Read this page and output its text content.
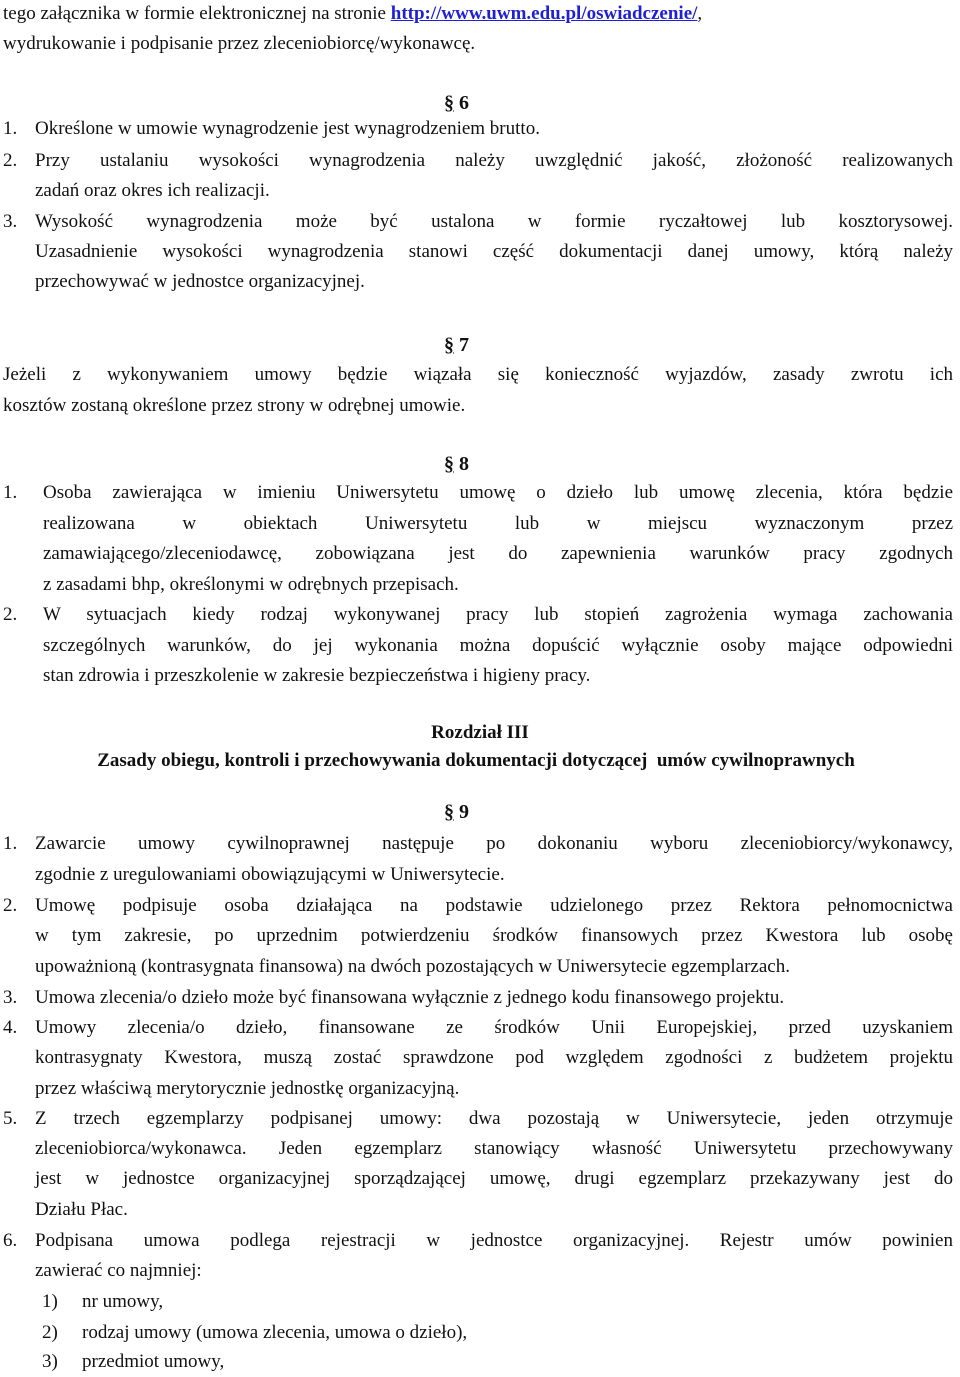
tego załącznika w formie elektronicznej na stronie http://www.uwm.edu.pl/oswiadczenie/,
wydrukowanie i podpisanie przez zleceniobiorcę/wykonawcę.
§ 6
1. Określone w umowie wynagrodzenie jest wynagrodzeniem brutto.
2. Przy ustalaniu wysokości wynagrodzenia należy uwzględnić jakość, złożoność realizowanych
zadań oraz okres ich realizacji.
3. Wysokość wynagrodzenia może być ustalona w formie ryczałtowej lub kosztorysowej.
Uzasadnienie wysokości wynagrodzenia stanowi część dokumentacji danej umowy, którą należy
przechowywać w jednostce organizacyjnej.
§ 7
Jeżeli z wykonywaniem umowy będzie wiązała się konieczność wyjazdów, zasady zwrotu ich
kosztów zostaną określone przez strony w odrębnej umowie.
§ 8
1. Osoba zawierająca w imieniu Uniwersytetu umowę o dzieło lub umowę zlecenia, która będzie
realizowana w obiektach Uniwersytetu lub w miejscu wyznaczonym przez
zamawiającego/zleceniodawcę, zobowiązana jest do zapewnienia warunków pracy zgodnych
z zasadami bhp, określonymi w odrębnych przepisach.
2. W sytuacjach kiedy rodzaj wykonywanej pracy lub stopień zagrożenia wymaga zachowania
szczególnych warunków, do jej wykonania można dopuścić wyłącznie osoby mające odpowiedni
stan zdrowia i przeszkolenie w zakresie bezpieczeństwa i higieny pracy.
Rozdział III
Zasady obiegu, kontroli i przechowywania dokumentacji dotyczącej  umów cywilnoprawnych
§ 9
1. Zawarcie umowy cywilnoprawnej następuje po dokonaniu wyboru zleceniobiorcy/wykonawcy,
zgodnie z uregulowaniami obowiązującymi w Uniwersytecie.
2. Umowę podpisuje osoba działająca na podstawie udzielonego przez Rektora pełnomocnictwa
w tym zakresie, po uprzednim potwierdzeniu środków finansowych przez Kwestora lub osobę
upoważnioną (kontrasygnata finansowa) na dwóch pozostających w Uniwersytecie egzemplarzach.
3. Umowa zlecenia/o dzieło może być finansowana wyłącznie z jednego kodu finansowego projektu.
4. Umowy zlecenia/o dzieło, finansowane ze środków Unii Europejskiej, przed uzyskaniem
kontrasygnaty Kwestora, muszą zostać sprawdzone pod względem zgodności z budżetem projektu
przez właściwą merytorycznie jednostkę organizacyjną.
5. Z trzech egzemplarzy podpisanej umowy: dwa pozostają w Uniwersytecie, jeden otrzymuje
zleceniobiorca/wykonawca. Jeden egzemplarz stanowiący własność Uniwersytetu przechowywany
jest w jednostce organizacyjnej sporządzającej umowę, drugi egzemplarz przekazywany jest do
Działu Płac.
6. Podpisana umowa podlega rejestracji w jednostce organizacyjnej. Rejestr umów powinien
zawierać co najmniej:
1) nr umowy,
2) rodzaj umowy (umowa zlecenia, umowa o dzieło),
3) przedmiot umowy,
